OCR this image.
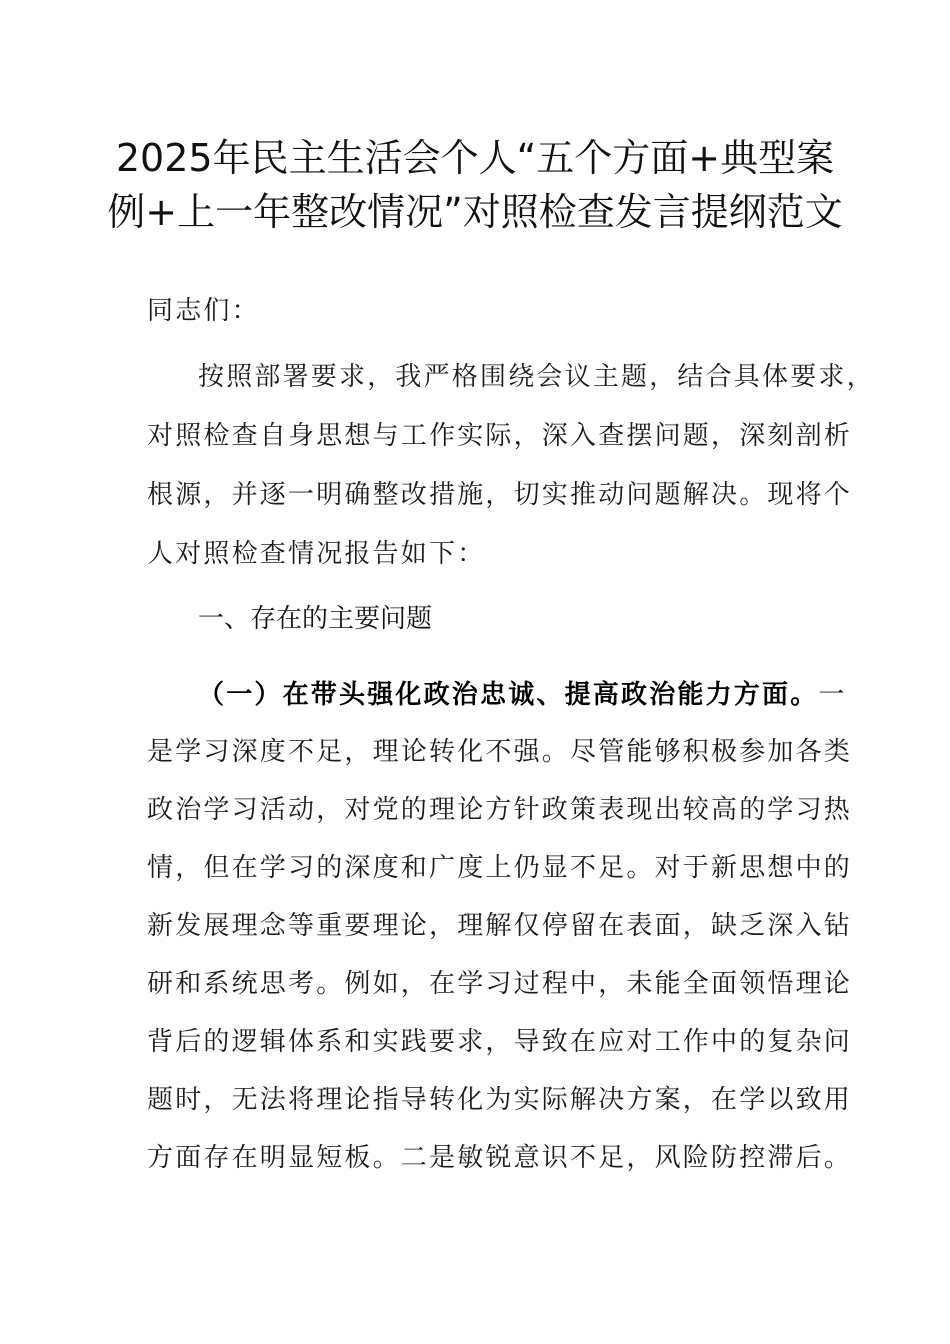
2025年民主生活会个人“五个方面+典型案
例+上一年整改情况”对照检查发言提纲范文
同志们：
按照部署要求，我严格围绕会议主题，结合具体要求，
对照检查自身思想与工作实际，深入查摆问题，深刻剖析
根源，并逐一明确整改措施，切实推动问题解决。现将个
人对照检查情况报告如下：
一、存在的主要问题
（一）在带头强化政治忠诚、提高政治能力方面。一
是学习深度不足，理论转化不强。尽管能够积极参加各类
政治学习活动，对党的理论方针政策表现出较高的学习热
情，但在学习的深度和广度上仍显不足。对于新思想中的
新发展理念等重要理论，理解仅停留在表面，缺乏深入钻
研和系统思考。例如，在学习过程中，未能全面领悟理论
背后的逻辑体系和实践要求，导致在应对工作中的复杂问
题时，无法将理论指导转化为实际解决方案，在学以致用
方面存在明显短板。二是敏锐意识不足，风险防控滞后。
